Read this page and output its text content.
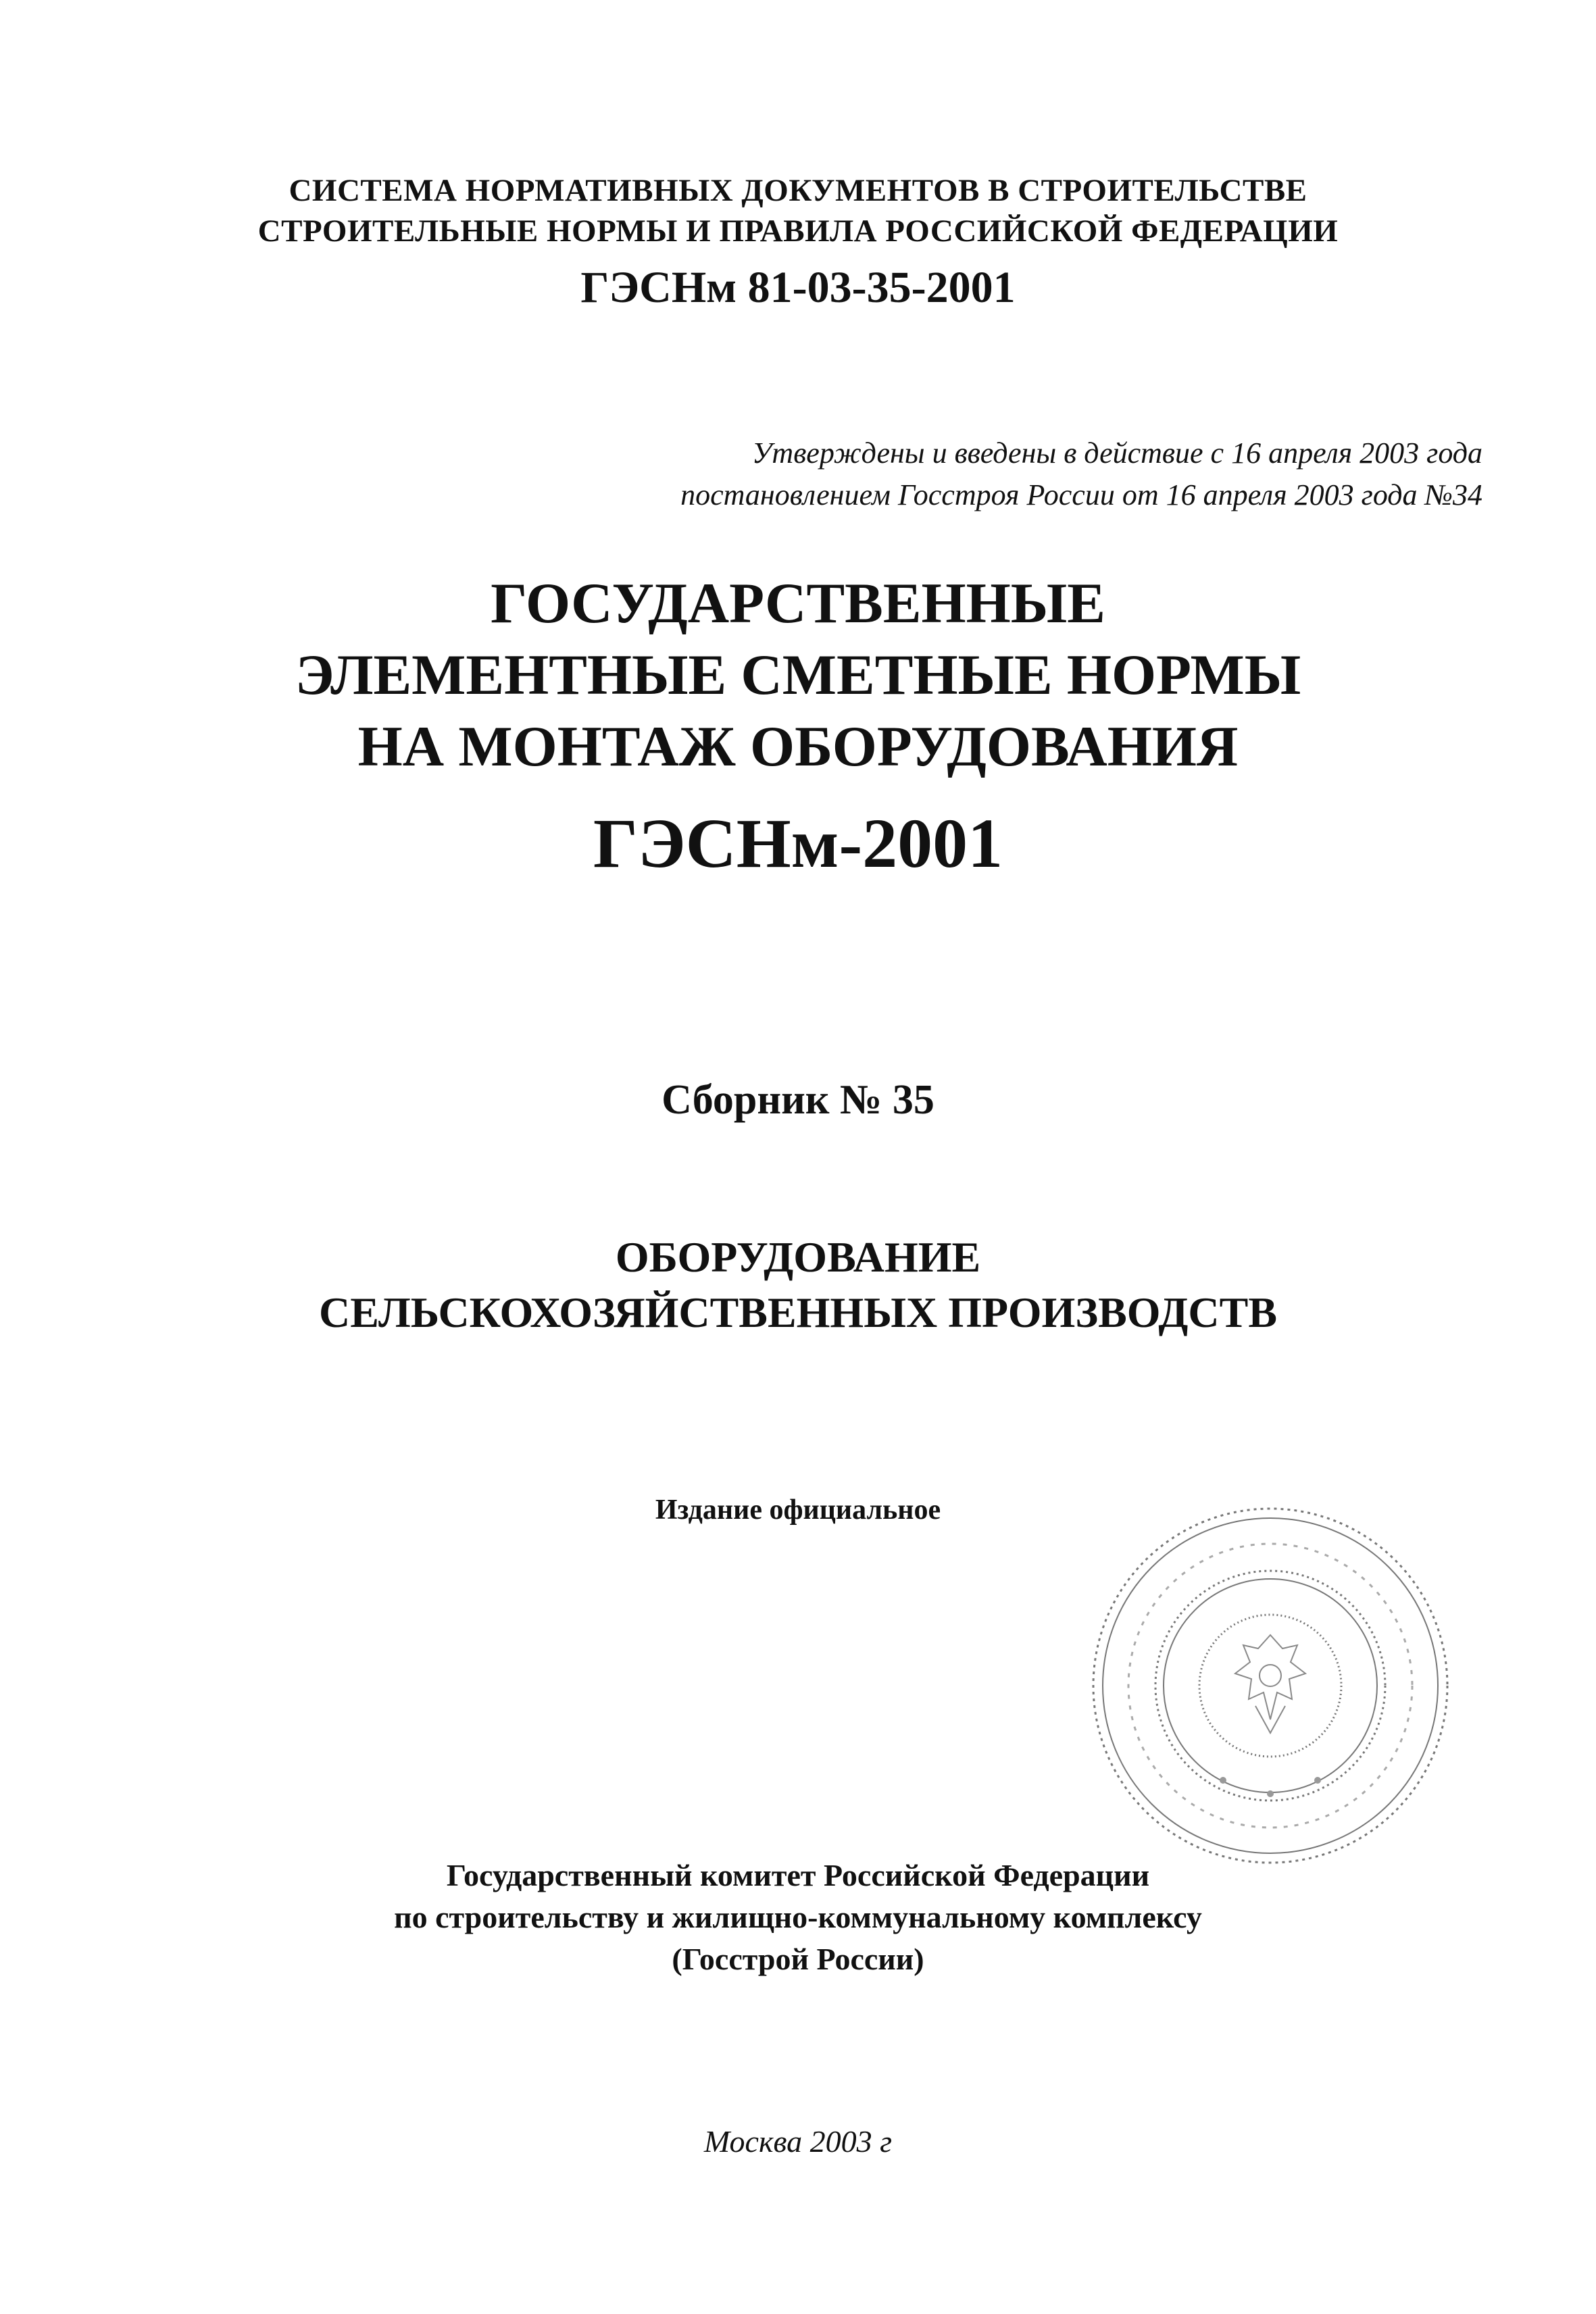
СИСТЕМА НОРМАТИВНЫХ ДОКУМЕНТОВ В СТРОИТЕЛЬСТВЕ
СТРОИТЕЛЬНЫЕ НОРМЫ И ПРАВИЛА РОССИЙСКОЙ ФЕДЕРАЦИИ
ГЭСНм 81-03-35-2001
Утверждены и введены в действие с 16 апреля 2003 года
постановлением Госстроя России от 16 апреля 2003 года №34
ГОСУДАРСТВЕННЫЕ
ЭЛЕМЕНТНЫЕ СМЕТНЫЕ НОРМЫ
НА МОНТАЖ ОБОРУДОВАНИЯ
ГЭСНм-2001
Сборник № 35
ОБОРУДОВАНИЕ
СЕЛЬСКОХОЗЯЙСТВЕННЫХ ПРОИЗВОДСТВ
Издание официальное
Государственный комитет Российской Федерации
по строительству и жилищно-коммунальному комплексу
(Госстрой России)
Москва 2003 г
